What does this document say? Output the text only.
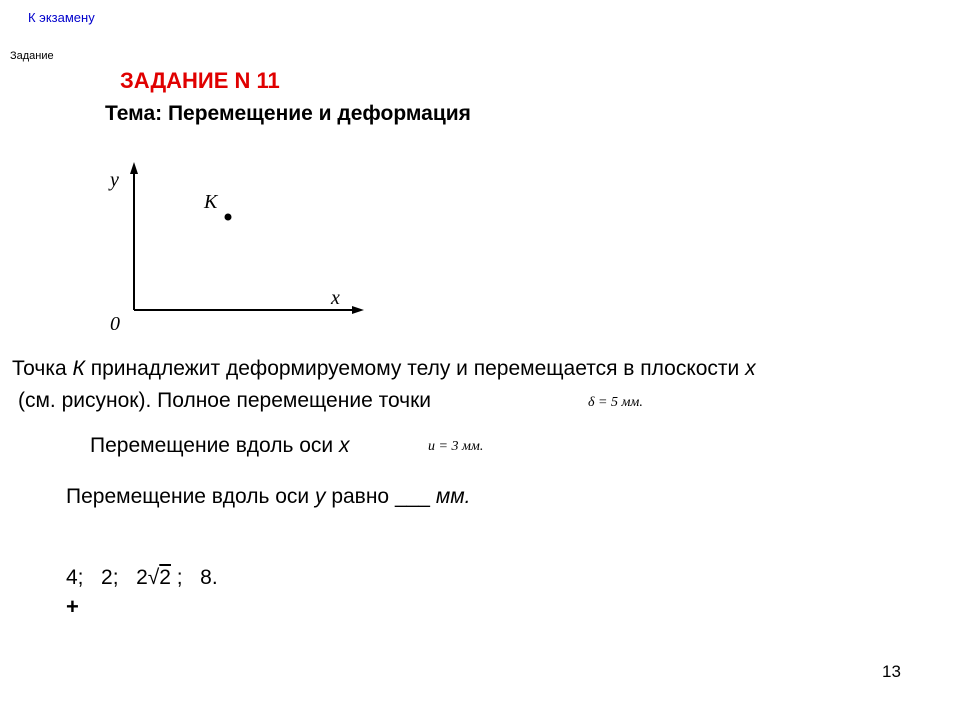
К экзамену
Задание
ЗАДАНИЕ N 11
Тема: Перемещение и деформация
y
x
0
K
Точка К принадлежит деформируемому телу и перемещается в плоскости x
(см. рисунок). Полное перемещение точки	δ = 5 мм.
Перемещение вдоль оси x	u = 3 мм.
Перемещение вдоль оси y равно ___ мм.
4; 2; 2√2 ; 8.
+
13
